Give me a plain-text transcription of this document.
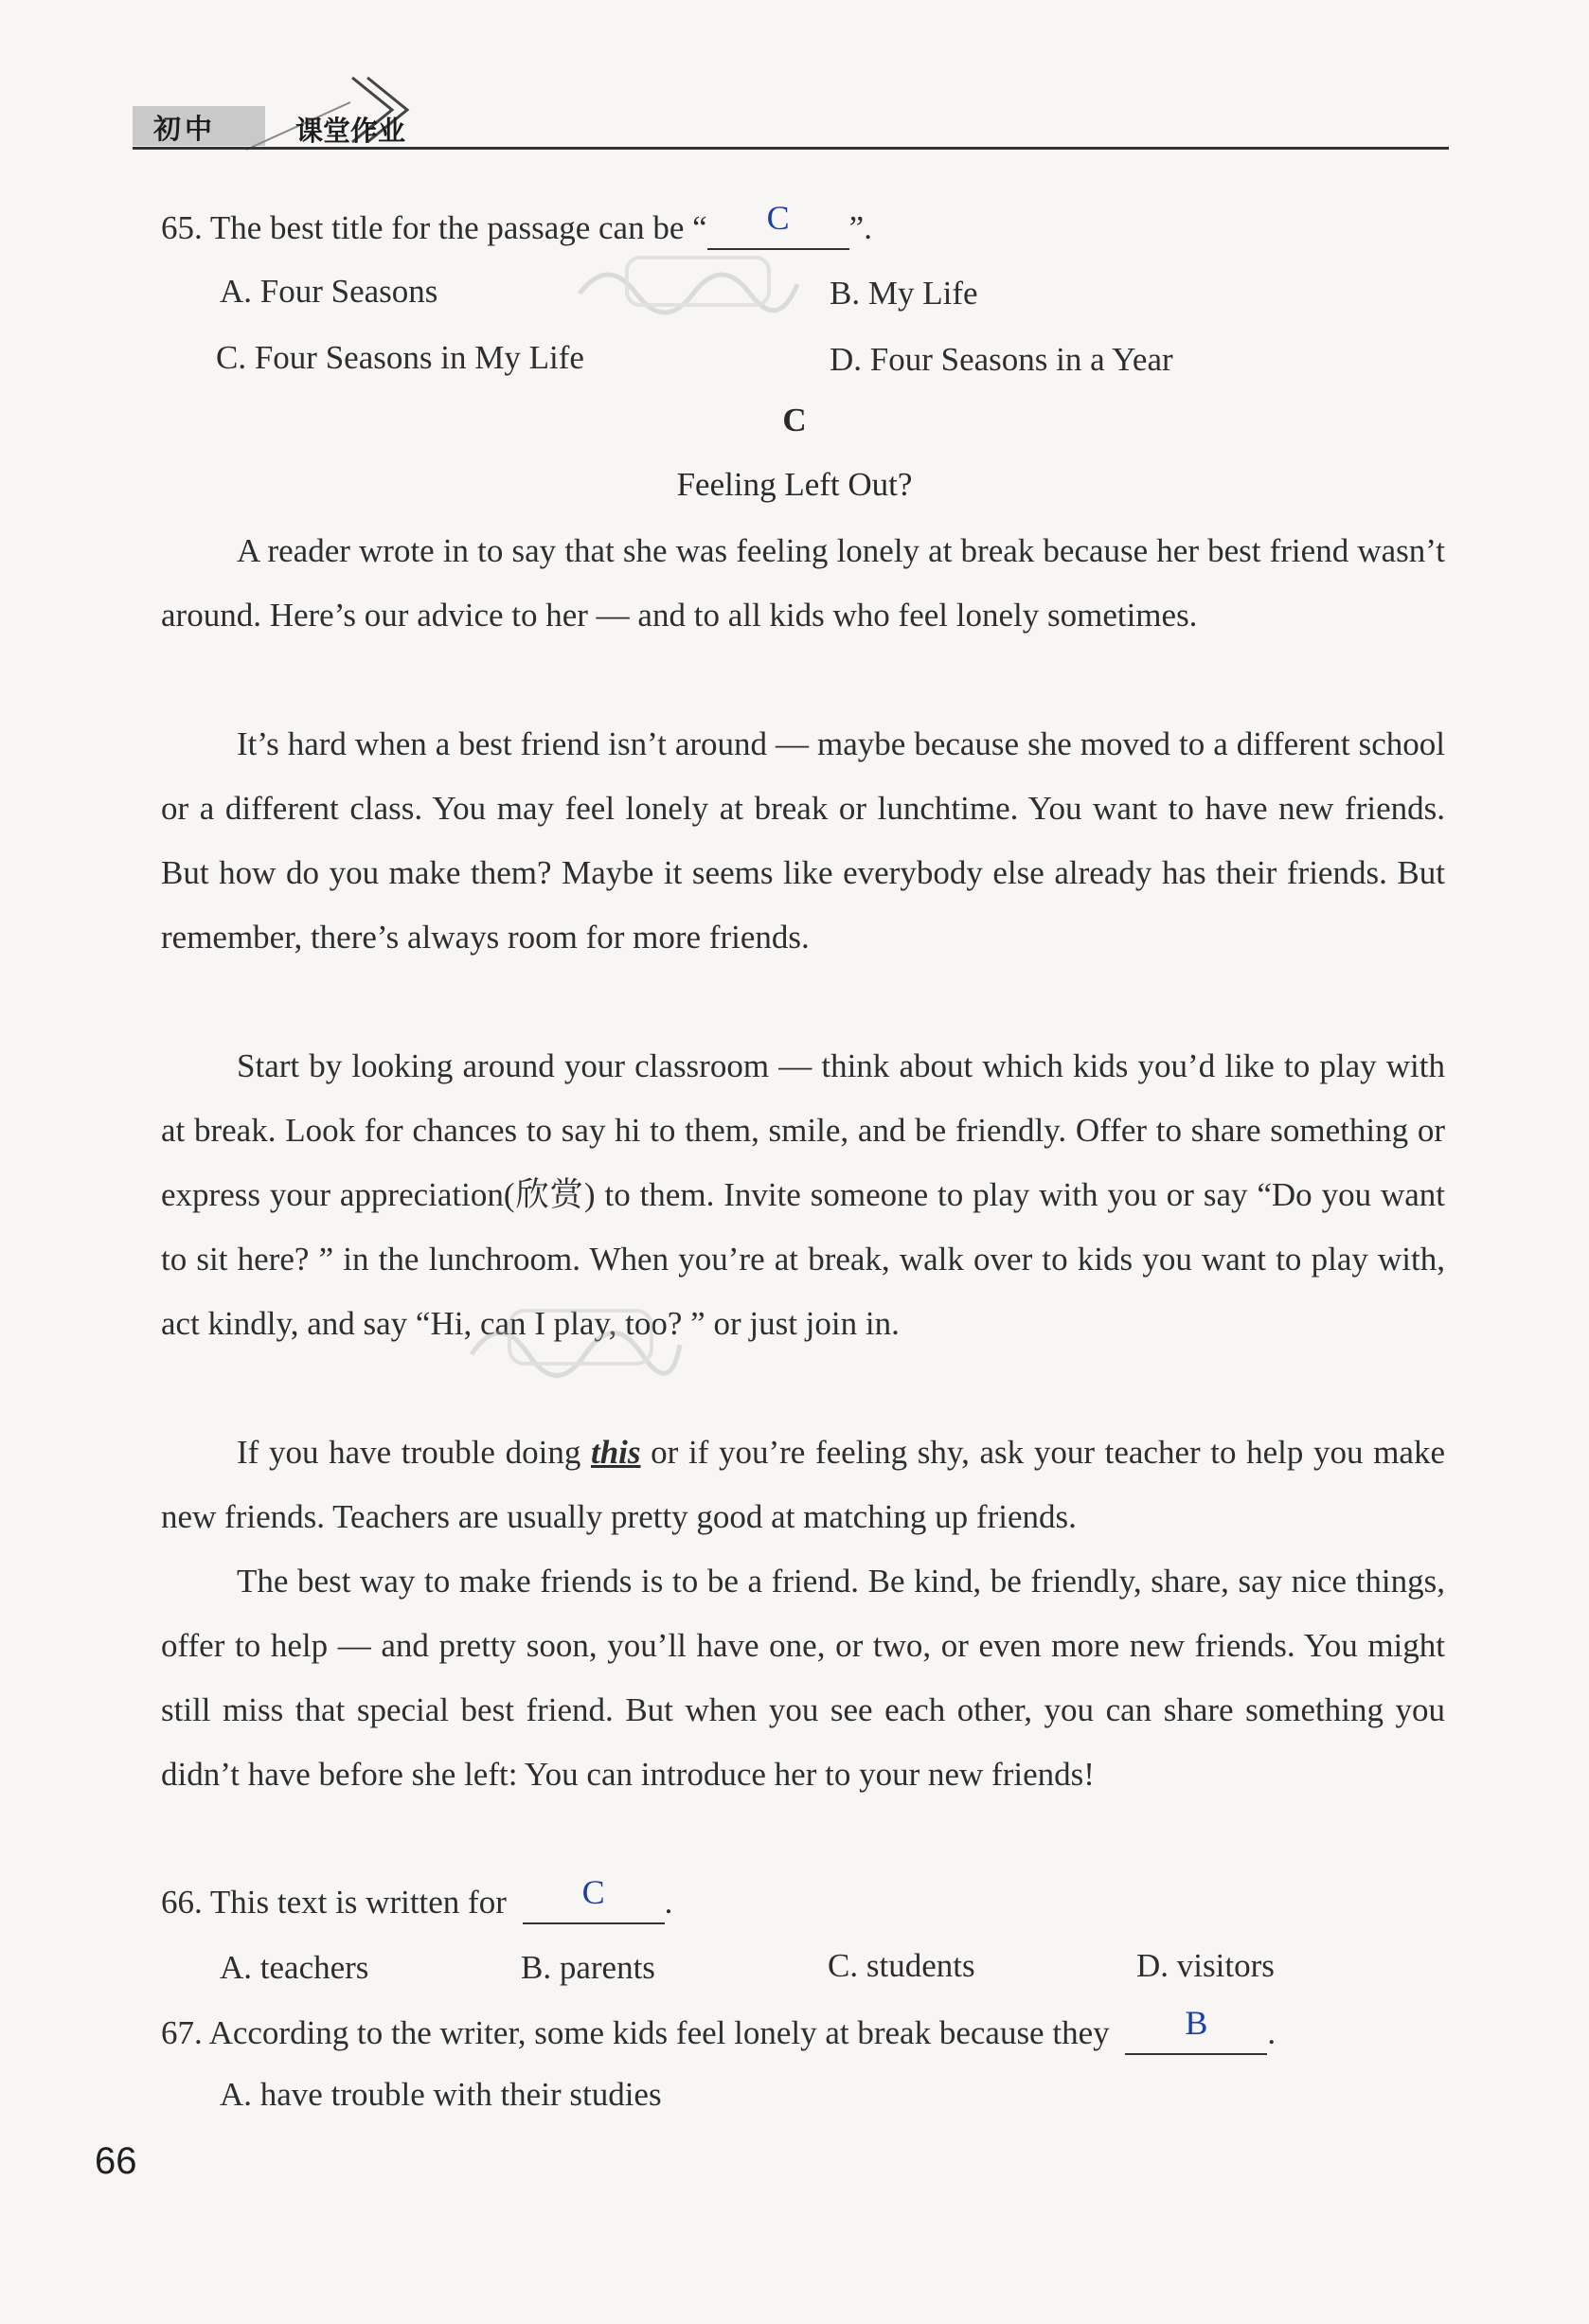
初中	课堂作业
65. The best title for the passage can be “ C ”.
A. Four Seasons	B. My Life
C. Four Seasons in My Life	D. Four Seasons in a Year
C
Feeling Left Out?
A reader wrote in to say that she was feeling lonely at break because her best friend wasn’t around. Here’s our advice to her — and to all kids who feel lonely sometimes.
It’s hard when a best friend isn’t around — maybe because she moved to a different school or a different class. You may feel lonely at break or lunchtime. You want to have new friends. But how do you make them? Maybe it seems like everybody else already has their friends. But remember, there’s always room for more friends.
Start by looking around your classroom — think about which kids you’d like to play with at break. Look for chances to say hi to them, smile, and be friendly. Offer to share something or express your appreciation(欣赏) to them. Invite someone to play with you or say “Do you want to sit here? ” in the lunchroom. When you’re at break, walk over to kids you want to play with, act kindly, and say “Hi, can I play, too? ” or just join in.
If you have trouble doing this or if you’re feeling shy, ask your teacher to help you make new friends. Teachers are usually pretty good at matching up friends.
The best way to make friends is to be a friend. Be kind, be friendly, share, say nice things, offer to help — and pretty soon, you’ll have one, or two, or even more new friends. You might still miss that special best friend. But when you see each other, you can share something you didn’t have before she left: You can introduce her to your new friends!
66. This text is written for C .
A. teachers	B. parents	C. students	D. visitors
67. According to the writer, some kids feel lonely at break because they B .
A. have trouble with their studies
66
